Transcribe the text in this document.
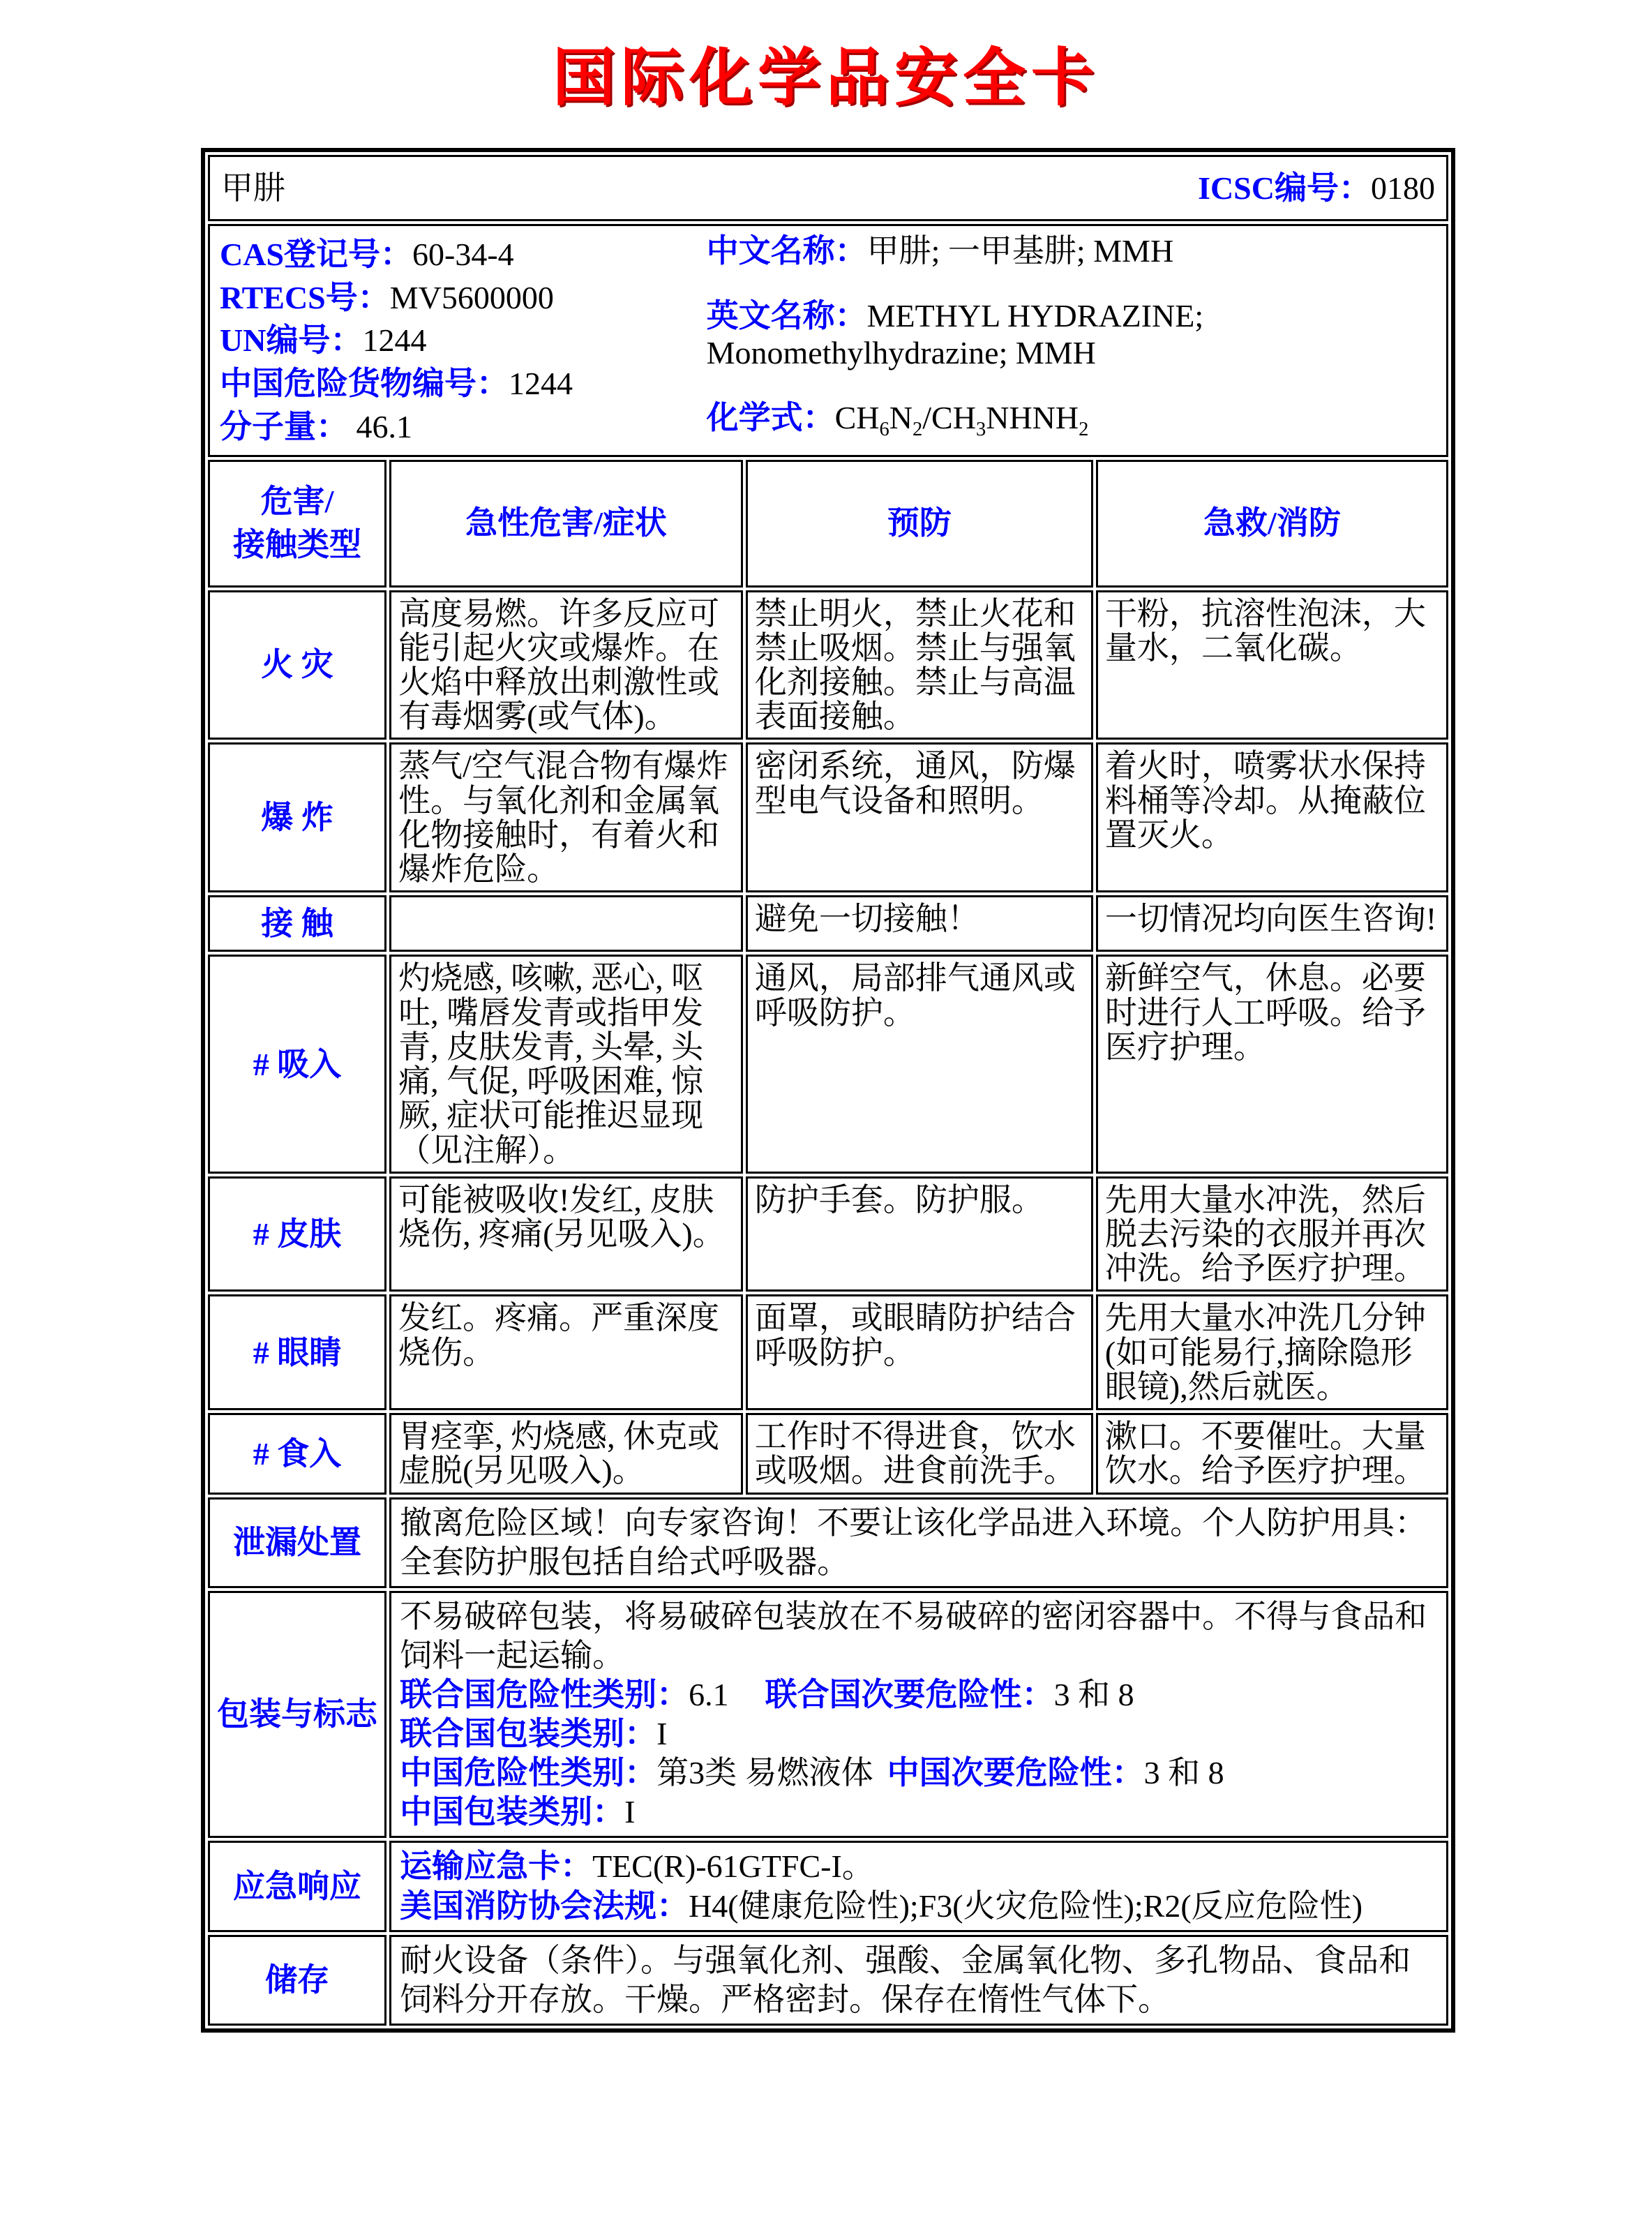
国际化学品安全卡
甲肼 ICSC编号：0180			

CAS登记号：60-34-4
RTECS号：MV5600000
UN编号：1244
中国危险货物编号：1244
分子量： 46.1
中文名称：甲肼; 一甲基肼; MMH
英文名称：METHYL HYDRAZINE;
Monomethylhydrazine; MMH
化学式：$CH_6N_2/CH_3NHNH_2$

危害/接触类型	急性危害/症状	预防	急救/消防
火 灾	高度易燃。许多反应可能引起火灾或爆炸。在火焰中释放出刺激性或有毒烟雾(或气体)。	禁止明火，禁止火花和禁止吸烟。禁止与强氧化剂接触。禁止与高温表面接触。	干粉，抗溶性泡沫，大量水，二氧化碳。
爆 炸	蒸气/空气混合物有爆炸性。与氧化剂和金属氧化物接触时，有着火和爆炸危险。	密闭系统，通风，防爆型电气设备和照明。	着火时，喷雾状水保持料桶等冷却。从掩蔽位置灭火。
接 触		避免一切接触！	一切情况均向医生咨询!
# 吸入	灼烧感, 咳嗽, 恶心, 呕吐, 嘴唇发青或指甲发青, 皮肤发青, 头晕, 头痛, 气促, 呼吸困难, 惊厥, 症状可能推迟显现（见注解）。	通风，局部排气通风或呼吸防护。	新鲜空气，休息。必要时进行人工呼吸。给予医疗护理。
# 皮肤	可能被吸收!发红, 皮肤烧伤, 疼痛(另见吸入)。	防护手套。防护服。	先用大量水冲洗，然后脱去污染的衣服并再次冲洗。给予医疗护理。
# 眼睛	发红。疼痛。严重深度烧伤。	面罩，或眼睛防护结合呼吸防护。	先用大量水冲洗几分钟(如可能易行,摘除隐形眼镜),然后就医。
# 食入	胃痉挛, 灼烧感, 休克或虚脱(另见吸入)。	工作时不得进食，饮水或吸烟。进食前洗手。	漱口。不要催吐。大量饮水。给予医疗护理。
泄漏处置	撤离危险区域！向专家咨询！不要让该化学品进入环境。个人防护用具：全套防护服包括自给式呼吸器。		
包装与标志	不易破碎包装，将易破碎包装放在不易破碎的密闭容器中。不得与食品和饲料一起运输。
联合国危险性类别：6.1 联合国次要危险性：3 和 8
联合国包装类别：I
中国危险性类别：第3类 易燃液体 中国次要危险性：3 和 8
中国包装类别：I		

应急响应	运输应急卡：TEC(R)-61GTFC-I。
美国消防协会法规：H4(健康危险性);F3(火灾危险性);R2(反应危险性)		

储存	耐火设备（条件）。与强氧化剂、强酸、金属氧化物、多孔物品、食品和饲料分开存放。干燥。严格密封。保存在惰性气体下。		
